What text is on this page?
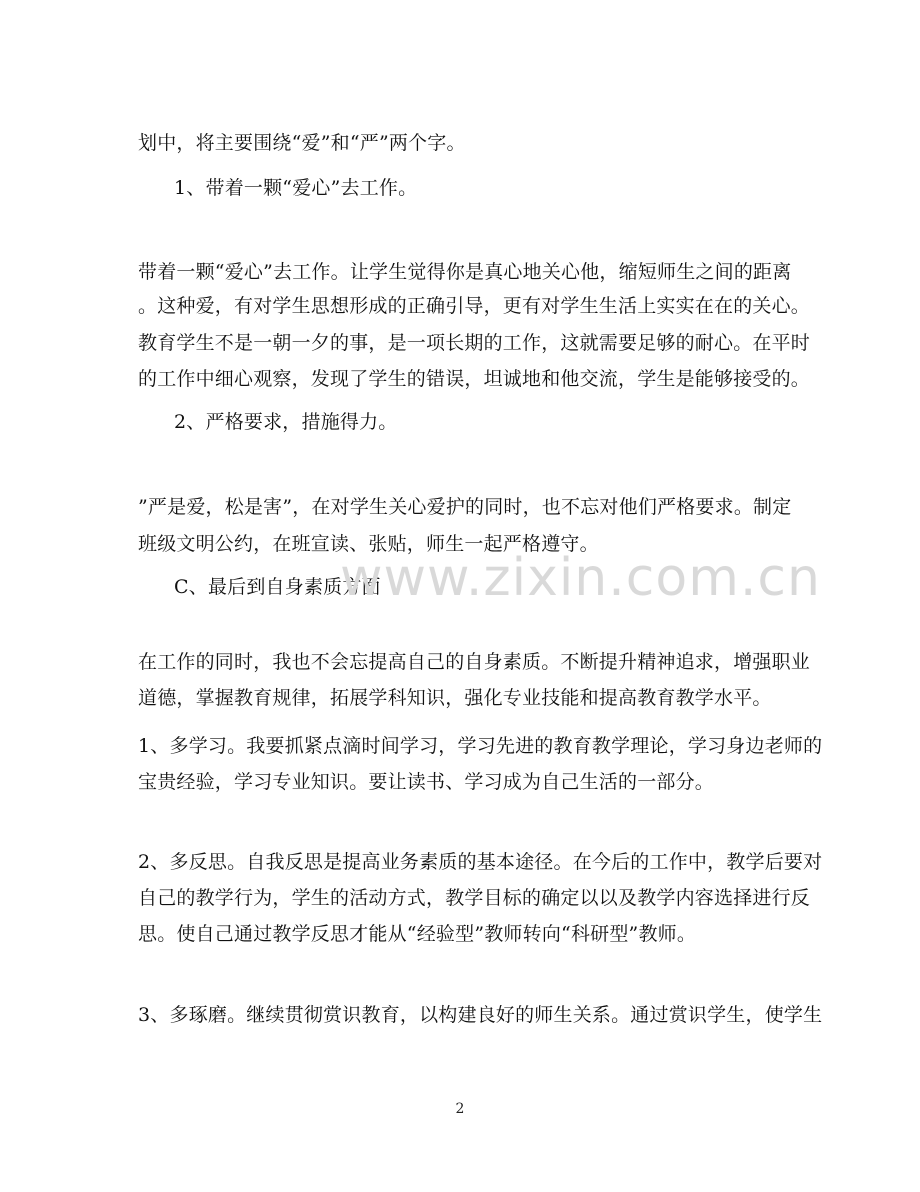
划中，将主要围绕“爱”和“严”两个字。
1、带着一颗“爱心”去工作。
带着一颗“爱心”去工作。让学生觉得你是真心地关心他，缩短师生之间的距离
。这种爱，有对学生思想形成的正确引导，更有对学生生活上实实在在的关心。
教育学生不是一朝一夕的事，是一项长期的工作，这就需要足够的耐心。在平时
的工作中细心观察，发现了学生的错误，坦诚地和他交流，学生是能够接受的。
2、严格要求，措施得力。
”严是爱，松是害”，在对学生关心爱护的同时，也不忘对他们严格要求。制定
班级文明公约，在班宣读、张贴，师生一起严格遵守。
C、最后到自身素质方面
在工作的同时，我也不会忘提高自己的自身素质。不断提升精神追求，增强职业
道德，掌握教育规律，拓展学科知识，强化专业技能和提高教育教学水平。
1、多学习。我要抓紧点滴时间学习，学习先进的教育教学理论，学习身边老师的
宝贵经验，学习专业知识。要让读书、学习成为自己生活的一部分。
2、多反思。自我反思是提高业务素质的基本途径。在今后的工作中，教学后要对
自己的教学行为，学生的活动方式，教学目标的确定以以及教学内容选择进行反
思。使自己通过教学反思才能从“经验型”教师转向“科研型”教师。
3、多琢磨。继续贯彻赏识教育，以构建良好的师生关系。通过赏识学生，使学生
www.zixin.com.cn
2
